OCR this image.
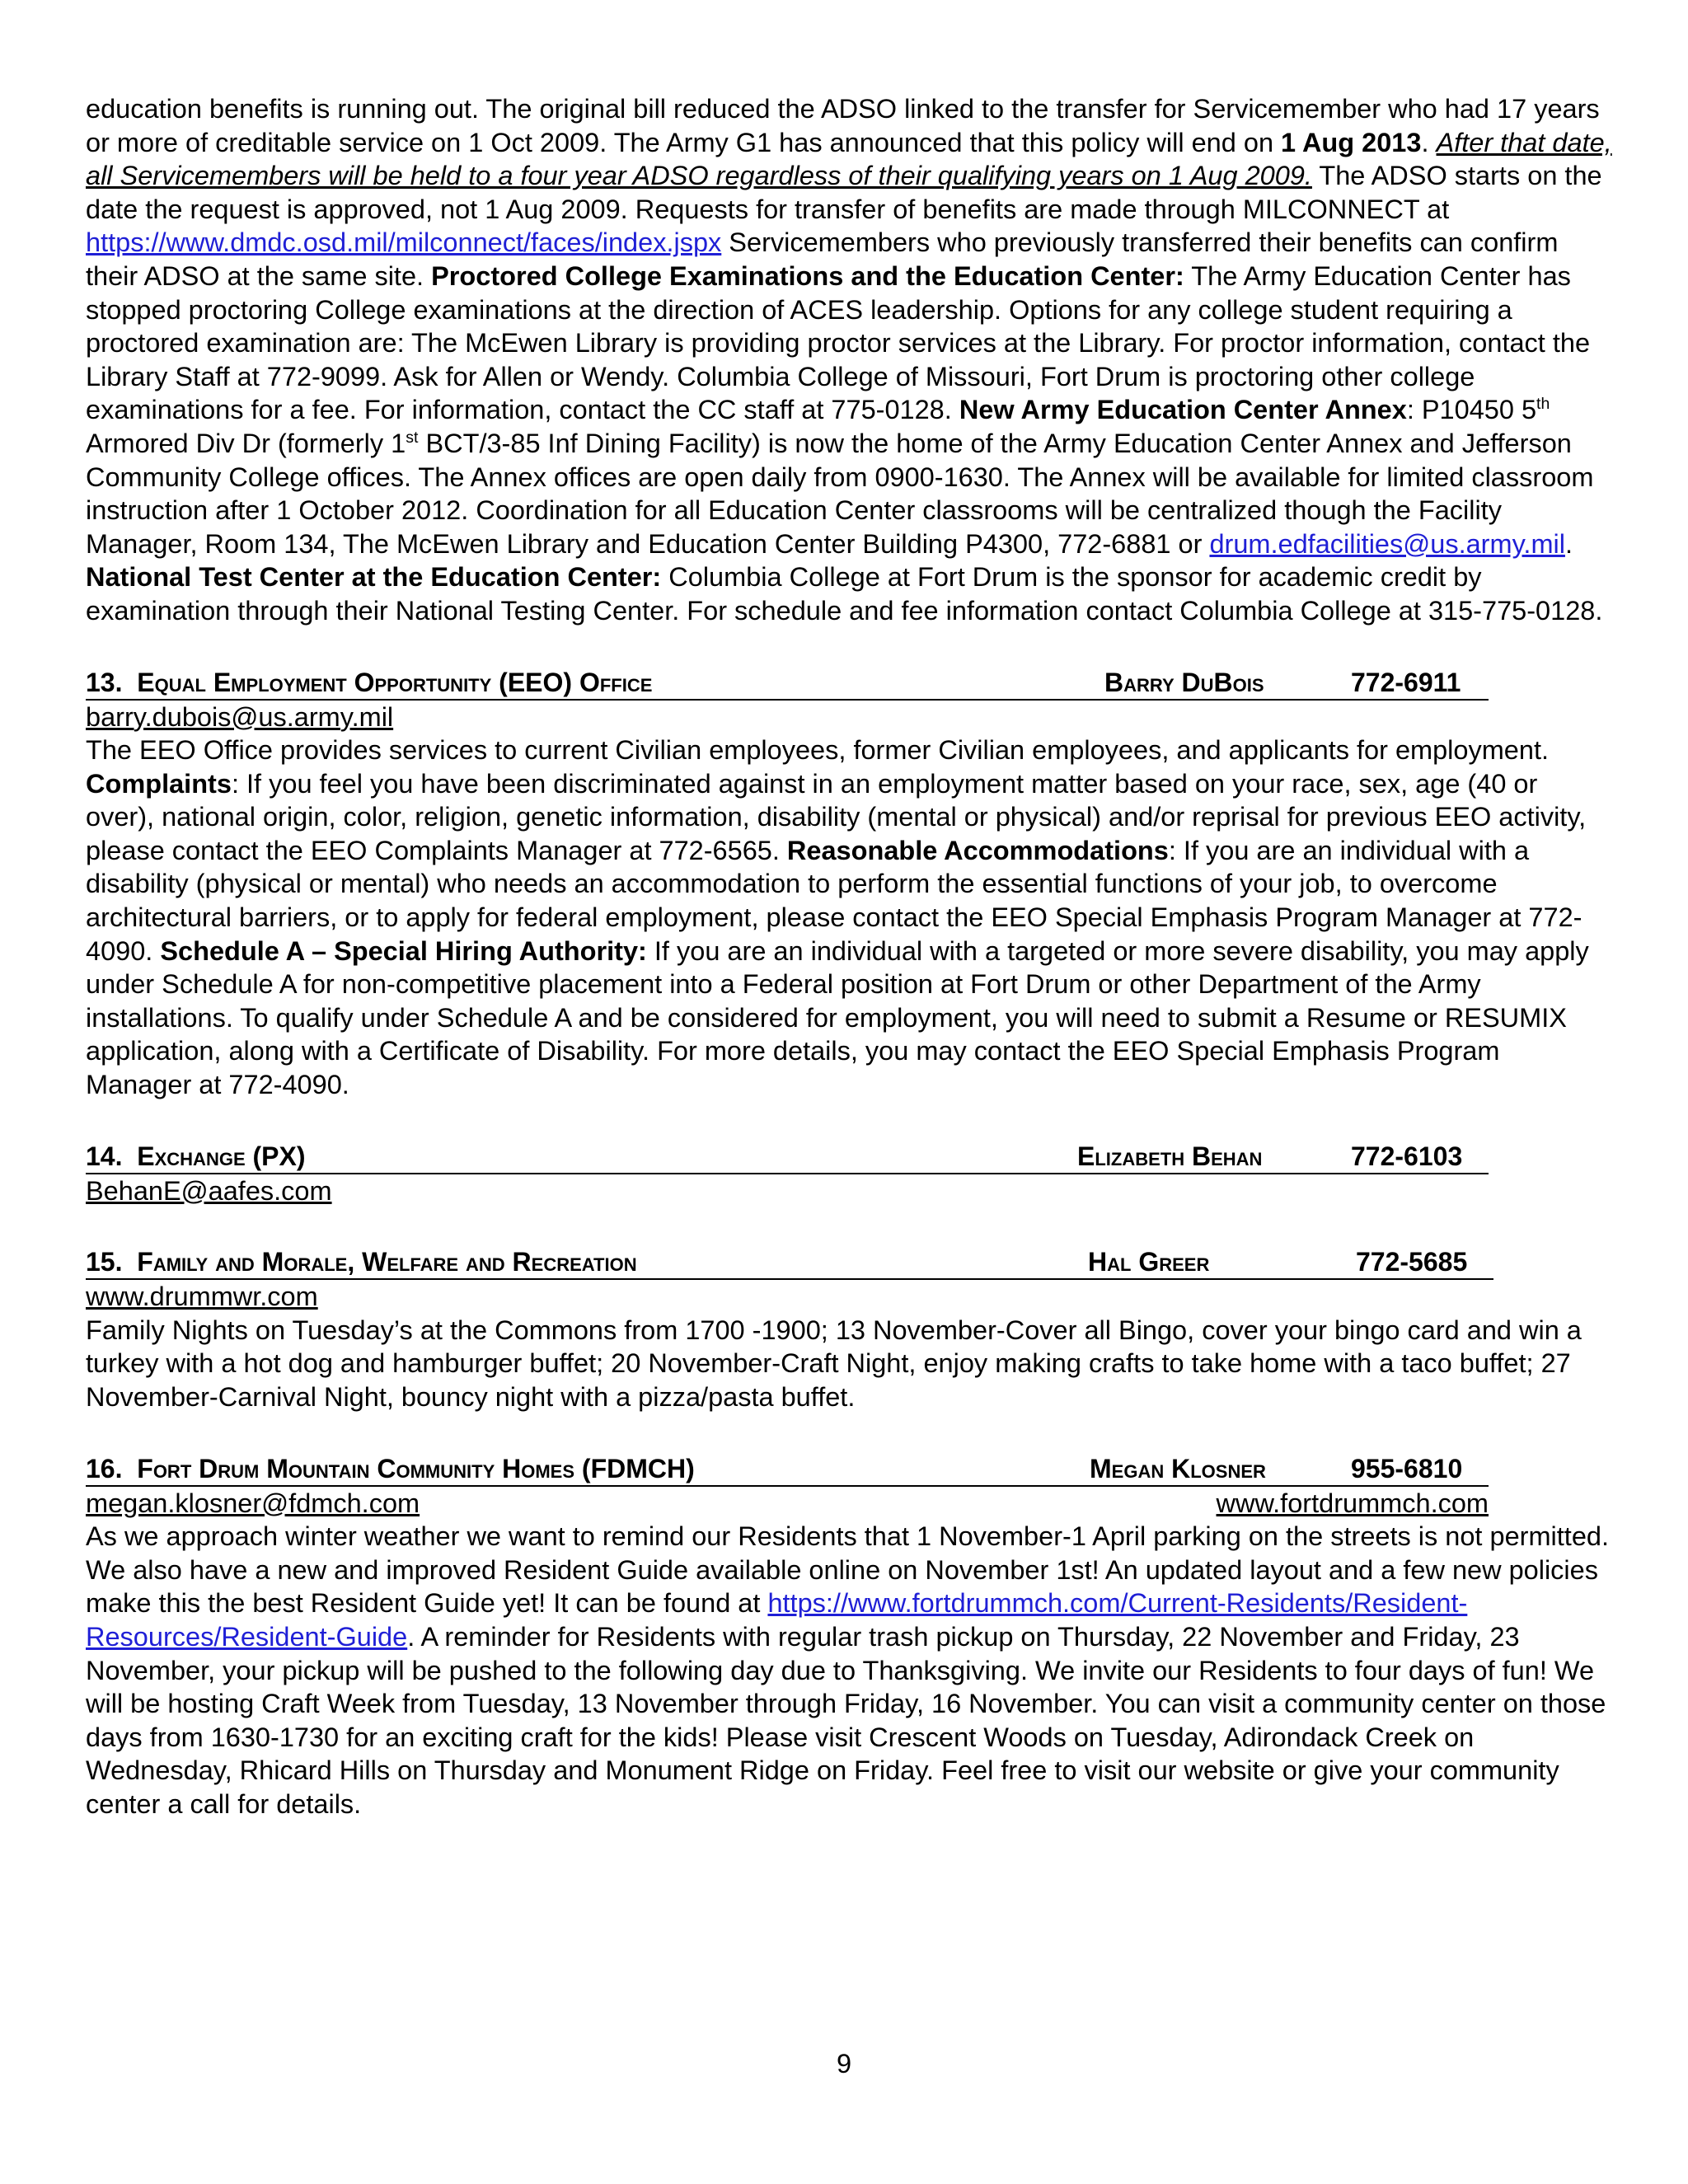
education benefits is running out. The original bill reduced the ADSO linked to the transfer for Servicemember who had 17 years or more of creditable service on 1 Oct 2009. The Army G1 has announced that this policy will end on 1 Aug 2013. After that date, all Servicemembers will be held to a four year ADSO regardless of their qualifying years on 1 Aug 2009. The ADSO starts on the date the request is approved, not 1 Aug 2009. Requests for transfer of benefits are made through MILCONNECT at https://www.dmdc.osd.mil/milconnect/faces/index.jspx Servicemembers who previously transferred their benefits can confirm their ADSO at the same site. Proctored College Examinations and the Education Center: The Army Education Center has stopped proctoring College examinations at the direction of ACES leadership. Options for any college student requiring a proctored examination are: The McEwen Library is providing proctor services at the Library. For proctor information, contact the Library Staff at 772-9099. Ask for Allen or Wendy. Columbia College of Missouri, Fort Drum is proctoring other college examinations for a fee. For information, contact the CC staff at 775-0128. New Army Education Center Annex: P10450 5th Armored Div Dr (formerly 1st BCT/3-85 Inf Dining Facility) is now the home of the Army Education Center Annex and Jefferson Community College offices. The Annex offices are open daily from 0900-1630. The Annex will be available for limited classroom instruction after 1 October 2012. Coordination for all Education Center classrooms will be centralized though the Facility Manager, Room 134, The McEwen Library and Education Center Building P4300, 772-6881 or drum.edfacilities@us.army.mil. National Test Center at the Education Center: Columbia College at Fort Drum is the sponsor for academic credit by examination through their National Testing Center. For schedule and fee information contact Columbia College at 315-775-0128.

13. Equal Employment Opportunity (EEO) Office	Barry DuBois	772-6911
barry.dubois@us.army.mil

The EEO Office provides services to current Civilian employees, former Civilian employees, and applicants for employment. Complaints: If you feel you have been discriminated against in an employment matter based on your race, sex, age (40 or over), national origin, color, religion, genetic information, disability (mental or physical) and/or reprisal for previous EEO activity, please contact the EEO Complaints Manager at 772-6565. Reasonable Accommodations: If you are an individual with a disability (physical or mental) who needs an accommodation to perform the essential functions of your job, to overcome architectural barriers, or to apply for federal employment, please contact the EEO Special Emphasis Program Manager at 772-4090. Schedule A – Special Hiring Authority: If you are an individual with a targeted or more severe disability, you may apply under Schedule A for non-competitive placement into a Federal position at Fort Drum or other Department of the Army installations. To qualify under Schedule A and be considered for employment, you will need to submit a Resume or RESUMIX application, along with a Certificate of Disability. For more details, you may contact the EEO Special Emphasis Program Manager at 772-4090.

14. Exchange (PX)	Elizabeth Behan	772-6103
BehanE@aafes.com
15. Family and Morale, Welfare and Recreation	Hal Greer	772-5685
www.drummwr.com

Family Nights on Tuesday’s at the Commons from 1700 -1900; 13 November-Cover all Bingo, cover your bingo card and win a turkey with a hot dog and hamburger buffet; 20 November-Craft Night, enjoy making crafts to take home with a taco buffet; 27 November-Carnival Night, bouncy night with a pizza/pasta buffet.

16. Fort Drum Mountain Community Homes (FDMCH)	Megan Klosner	955-6810
megan.klosner@fdmch.com	www.fortdrummch.com

As we approach winter weather we want to remind our Residents that 1 November-1 April parking on the streets is not permitted. We also have a new and improved Resident Guide available online on November 1st! An updated layout and a few new policies make this the best Resident Guide yet! It can be found at https://www.fortdrummch.com/Current-Residents/Resident-Resources/Resident-Guide. A reminder for Residents with regular trash pickup on Thursday, 22 November and Friday, 23 November, your pickup will be pushed to the following day due to Thanksgiving. We invite our Residents to four days of fun! We will be hosting Craft Week from Tuesday, 13 November through Friday, 16 November. You can visit a community center on those days from 1630-1730 for an exciting craft for the kids! Please visit Crescent Woods on Tuesday, Adirondack Creek on Wednesday, Rhicard Hills on Thursday and Monument Ridge on Friday. Feel free to visit our website or give your community center a call for details.

9
